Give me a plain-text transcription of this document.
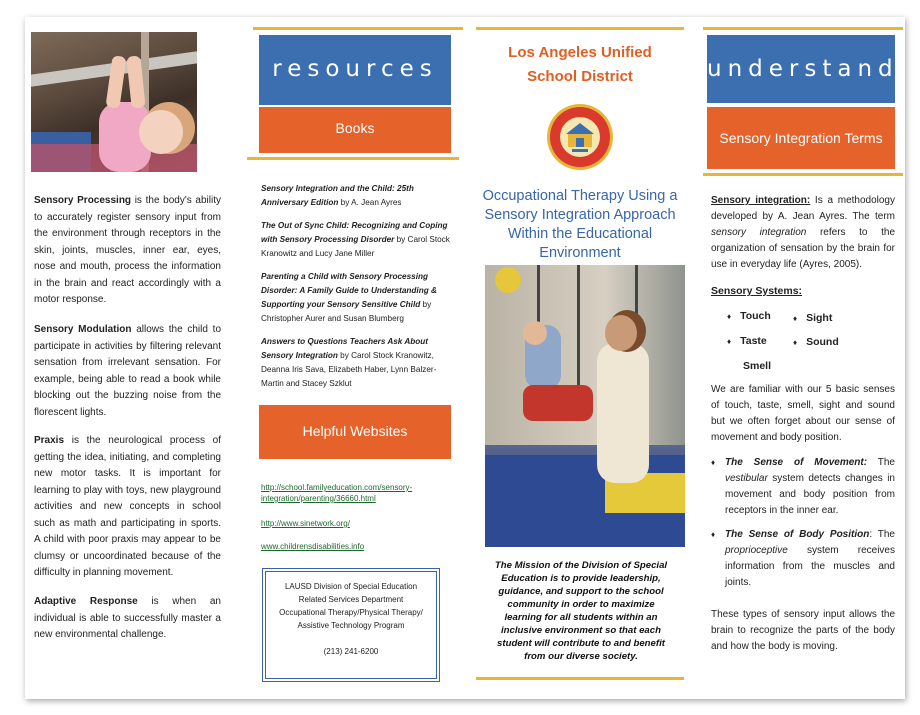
Sensory Processing is the body's ability to accurately register sensory input from the environment through receptors in the skin, joints, muscles, inner ear, eyes, nose and mouth, process the information in the brain and react accordingly with a motor response.
Sensory Modulation allows the child to participate in activities by filtering relevant sensation from irrelevant sensation. For example, being able to read a book while blocking out the buzzing noise from the florescent lights.
Praxis is the neurological process of getting the idea, initiating, and completing new motor tasks. It is important for learning to play with toys, new playground activities and new concepts in school such as math and participating in sports. A child with poor praxis may appear to be clumsy or uncoordinated because of the difficulty in planning movement.
Adaptive Response is when an individual is able to successfully master a new environmental challenge.
resources
Books

Sensory Integration and the Child: 25th Anniversary Edition by A. Jean Ayres

The Out of Sync Child: Recognizing and Coping with Sensory Processing Disorder by Carol Stock Kranowitz and Lucy Jane Miller

Parenting a Child with Sensory Processing Disorder: A Family Guide to Understanding & Supporting your Sensory Sensitive Child by Christopher Aurer and Susan Blumberg

Answers to Questions Teachers Ask About Sensory Integration by Carol Stock Kranowitz, Deanna Iris Sava, Elizabeth Haber, Lynn Balzer-Martin and Stacey Szklut

Helpful Websites
http://school.familyeducation.com/sensory-integration/parenting/36660.html
http://www.sinetwork.org/
www.childrensdisabilities.info
LAUSD Division of Special Education
Related Services Department
Occupational Therapy/Physical Therapy/
Assistive Technology Program
(213) 241-6200
Los Angeles Unified
School District
Occupational Therapy Using a Sensory Integration Approach Within the Educational Environment
The Mission of the Division of Special Education is to provide leadership, guidance, and support to the school community in order to maximize learning for all students within an inclusive environment so that each student will contribute to and benefit from our diverse society.
understand
Sensory Integration Terms
Sensory integration: Is a methodology developed by A. Jean Ayres. The term sensory integration refers to the organization of sensation by the brain for use in everyday life (Ayres, 2005).
Sensory Systems:
♦ Touch
♦ Taste
Smell
♦ Sight
♦ Sound
We are familiar with our 5 basic senses of touch, taste, smell, sight and sound but we often forget about our sense of movement and body position.
♦ The Sense of Movement: The vestibular system detects changes in movement and body position from receptors in the inner ear.
♦ The Sense of Body Position: The proprioceptive system receives information from the muscles and joints.
These types of sensory input allows the brain to recognize the parts of the body and how the body is moving.
